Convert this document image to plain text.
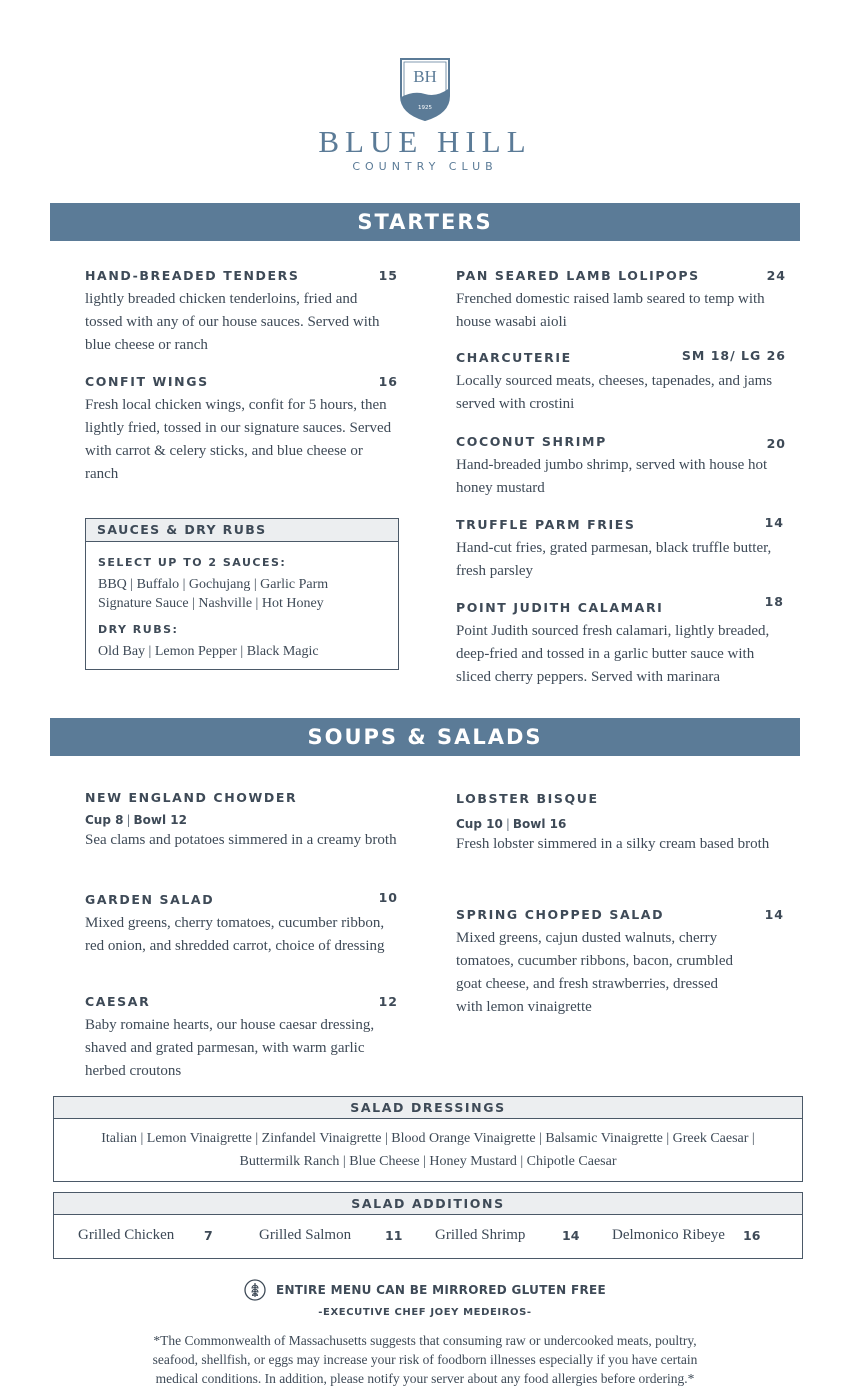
BH
1925
BLUE HILL
COUNTRY CLUB
STARTERS
HAND-BREADED TENDERS	15
lightly breaded chicken tenderloins, fried and tossed with any of our house sauces. Served with blue cheese or ranch
CONFIT WINGS	16
Fresh local chicken wings, confit for 5 hours, then lightly fried, tossed in our signature sauces. Served with carrot & celery sticks, and blue cheese or ranch
SAUCES & DRY RUBS
SELECT UP TO 2 SAUCES:
BBQ | Buffalo | Gochujang | Garlic Parm
Signature Sauce | Nashville | Hot Honey
DRY RUBS:
Old Bay | Lemon Pepper | Black Magic
PAN SEARED LAMB LOLIPOPS	24
Frenched domestic raised lamb seared to temp with house wasabi aioli
CHARCUTERIE	SM 18/ LG 26
Locally sourced meats, cheeses, tapenades, and jams served with crostini
COCONUT SHRIMP	20
Hand-breaded jumbo shrimp, served with house hot honey mustard
TRUFFLE PARM FRIES	14
Hand-cut fries, grated parmesan, black truffle butter, fresh parsley
POINT JUDITH CALAMARI	18
Point Judith sourced fresh calamari, lightly breaded, deep-fried and tossed in a garlic butter sauce with sliced cherry peppers. Served with marinara
SOUPS & SALADS
NEW ENGLAND CHOWDER
Cup 8 | Bowl 12
Sea clams and potatoes simmered in a creamy broth
GARDEN SALAD	10
Mixed greens, cherry tomatoes, cucumber ribbon, red onion, and shredded carrot, choice of dressing
CAESAR	12
Baby romaine hearts, our house caesar dressing, shaved and grated parmesan, with warm garlic herbed croutons
LOBSTER BISQUE
Cup 10 | Bowl 16
Fresh lobster simmered in a silky cream based broth
SPRING CHOPPED SALAD	14
Mixed greens, cajun dusted walnuts, cherry tomatoes, cucumber ribbons, bacon, crumbled goat cheese, and fresh strawberries, dressed with lemon vinaigrette
SALAD DRESSINGS
Italian | Lemon Vinaigrette | Zinfandel Vinaigrette | Blood Orange Vinaigrette | Balsamic Vinaigrette | Greek Caesar | Buttermilk Ranch | Blue Cheese | Honey Mustard | Chipotle Caesar
SALAD ADDITIONS
Grilled Chicken 7	Grilled Salmon	11 Grilled Shrimp	14 Delmonico Ribeye 16
ENTIRE MENU CAN BE MIRRORED GLUTEN FREE
-EXECUTIVE CHEF JOEY MEDEIROS-
*The Commonwealth of Massachusetts suggests that consuming raw or undercooked meats, poultry, seafood, shellfish, or eggs may increase your risk of foodborn illnesses especially if you have certain medical conditions. In addition, please notify your server about any food allergies before ordering.*
